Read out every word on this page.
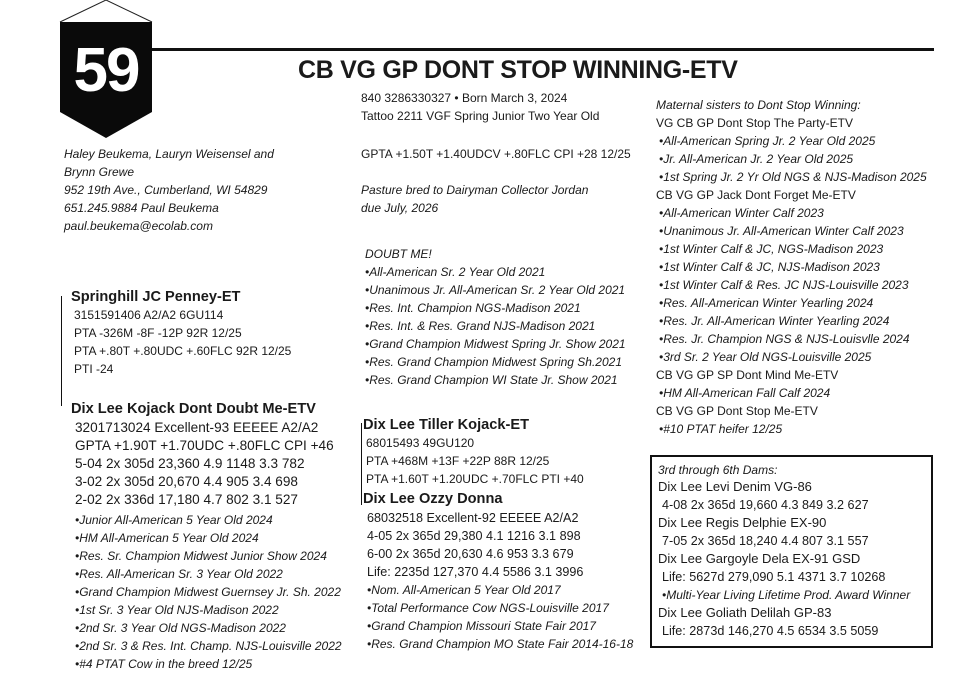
59	CB VG GP DONT STOP WINNING-ETV
Haley Beukema, Lauryn Weisensel and
Brynn Grewe
952 19th Ave., Cumberland, WI 54829
651.245.9884 Paul Beukema
paul.beukema@ecolab.com
840 3286330327 • Born March 3, 2024
Tattoo 2211 VGF Spring Junior Two Year Old
GPTA +1.50T +1.40UDCV +.80FLC CPI +28 12/25
Pasture bred to Dairyman Collector Jordan
due July, 2026
DOUBT ME!
•All-American Sr. 2 Year Old 2021
•Unanimous Jr. All-American Sr. 2 Year Old 2021
•Res. Int. Champion NGS-Madison 2021
•Res. Int. & Res. Grand NJS-Madison 2021
•Grand Champion Midwest Spring Jr. Show 2021
•Res. Grand Champion Midwest Spring Sh.2021
•Res. Grand Champion WI State Jr. Show 2021
Springhill JC Penney-ET
3151591406 A2/A2 6GU114
PTA -326M -8F -12P 92R 12/25
PTA +.80T +.80UDC +.60FLC 92R 12/25
PTI -24
Dix Lee Kojack Dont Doubt Me-ETV
3201713024 Excellent-93 EEEEE A2/A2
GPTA +1.90T +1.70UDC +.80FLC CPI +46
5-04 2x 305d 23,360 4.9 1148 3.3 782
3-02 2x 305d 20,670 4.4 905 3.4 698
2-02 2x 336d 17,180 4.7 802 3.1 527
•Junior All-American 5 Year Old 2024
•HM All-American 5 Year Old 2024
•Res. Sr. Champion Midwest Junior Show 2024
•Res. All-American Sr. 3 Year Old 2022
•Grand Champion Midwest Guernsey Jr. Sh. 2022
•1st Sr. 3 Year Old NJS-Madison 2022
•2nd Sr. 3 Year Old NGS-Madison 2022
•2nd Sr. 3 & Res. Int. Champ. NJS-Louisville 2022
•#4 PTAT Cow in the breed 12/25
Dix Lee Tiller Kojack-ET
68015493 49GU120
PTA +468M +13F +22P 88R 12/25
PTA +1.60T +1.20UDC +.70FLC PTI +40
Dix Lee Ozzy Donna
68032518 Excellent-92 EEEEE A2/A2
4-05 2x 365d 29,380 4.1 1216 3.1 898
6-00 2x 365d 20,630 4.6 953 3.3 679
Life: 2235d 127,370 4.4 5586 3.1 3996
•Nom. All-American 5 Year Old 2017
•Total Performance Cow NGS-Louisville 2017
•Grand Champion Missouri State Fair 2017
•Res. Grand Champion MO State Fair 2014-16-18
Maternal sisters to Dont Stop Winning:
VG CB GP Dont Stop The Party-ETV
•All-American Spring Jr. 2 Year Old 2025
•Jr. All-American Jr. 2 Year Old 2025
•1st Spring Jr. 2 Yr Old NGS & NJS-Madison 2025
CB VG GP Jack Dont Forget Me-ETV
•All-American Winter Calf 2023
•Unanimous Jr. All-American Winter Calf 2023
•1st Winter Calf & JC, NGS-Madison 2023
•1st Winter Calf & JC, NJS-Madison 2023
•1st Winter Calf & Res. JC NJS-Louisville 2023
•Res. All-American Winter Yearling 2024
•Res. Jr. All-American Winter Yearling 2024
•Res. Jr. Champion NGS & NJS-Louisvlle 2024
•3rd Sr. 2 Year Old NGS-Louisville 2025
CB VG GP SP Dont Mind Me-ETV
•HM All-American Fall Calf 2024
CB VG GP Dont Stop Me-ETV
•#10 PTAT heifer 12/25
3rd through 6th Dams:
Dix Lee Levi Denim VG-86
4-08 2x 365d 19,660 4.3 849 3.2 627
Dix Lee Regis Delphie EX-90
7-05 2x 365d 18,240 4.4 807 3.1 557
Dix Lee Gargoyle Dela EX-91 GSD
Life: 5627d 279,090 5.1 4371 3.7 10268
•Multi-Year Living Lifetime Prod. Award Winner
Dix Lee Goliath Delilah GP-83
Life: 2873d 146,270 4.5 6534 3.5 5059
